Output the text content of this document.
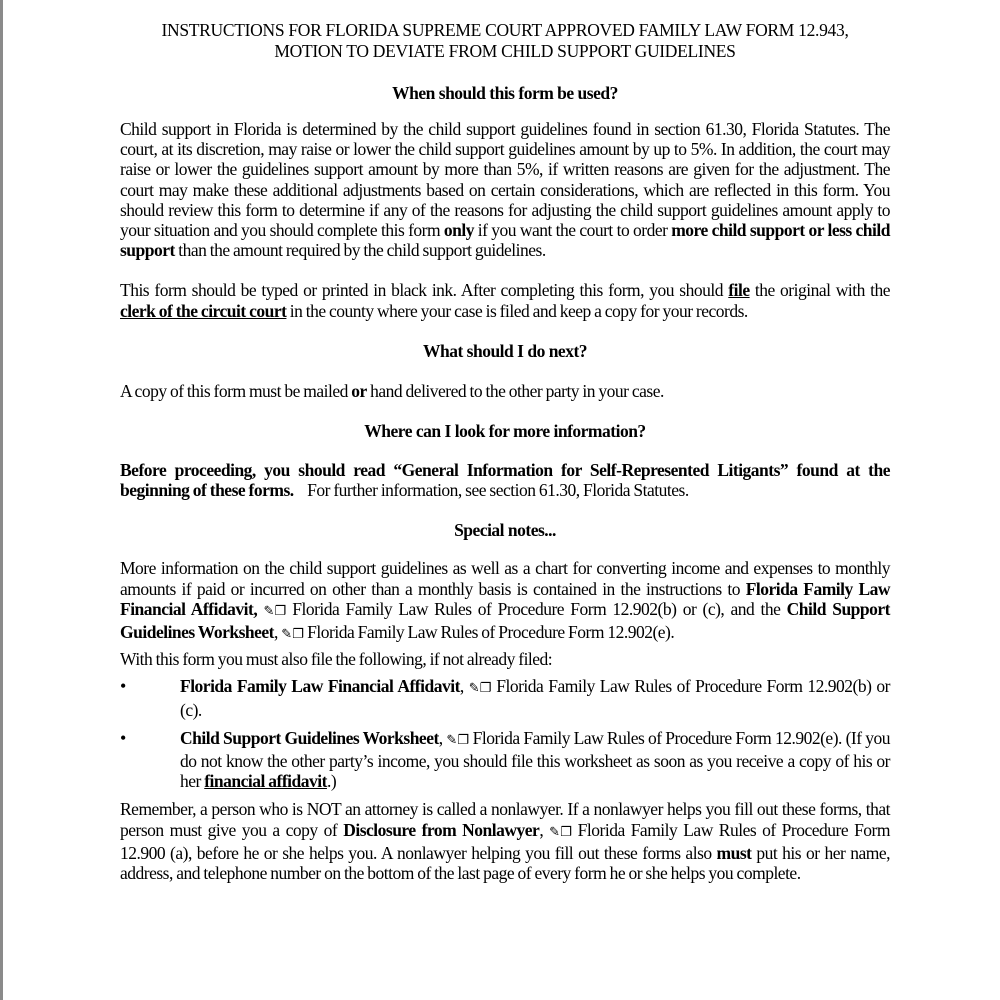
INSTRUCTIONS FOR FLORIDA SUPREME COURT APPROVED FAMILY LAW FORM 12.943,
MOTION TO DEVIATE FROM CHILD SUPPORT GUIDELINES
When should this form be used?

Child support in Florida is determined by the child support guidelines found in section 61.30, Florida Statutes. The court, at its discretion, may raise or lower the child support guidelines amount by up to 5%. In addition, the court may raise or lower the guidelines support amount by more than 5%, if written reasons are given for the adjustment. The court may make these additional adjustments based on certain considerations, which are reflected in this form. You should review this form to determine if any of the reasons for adjusting the child support guidelines amount apply to your situation and you should complete this form only if you want the court to order more child support or less child support than the amount required by the child support guidelines.

This form should be typed or printed in black ink. After completing this form, you should file the original with the clerk of the circuit court in the county where your case is filed and keep a copy for your records.

What should I do next?

A copy of this form must be mailed or hand delivered to the other party in your case.

Where can I look for more information?

Before proceeding, you should read “General Information for Self-Represented Litigants” found at the beginning of these forms.    For further information, see section 61.30, Florida Statutes.

Special notes...

More information on the child support guidelines as well as a chart for converting income and expenses to monthly amounts if paid or incurred on other than a monthly basis is contained in the instructions to Florida Family Law Financial Affidavit, ✎❐ Florida Family Law Rules of Procedure Form 12.902(b) or (c), and the Child Support Guidelines Worksheet, ✎❐ Florida Family Law Rules of Procedure Form 12.902(e).

With this form you must also file the following, if not already filed:

•	Florida Family Law Financial Affidavit, ✎❐ Florida Family Law Rules of Procedure Form 12.902(b) or (c).

•	Child Support Guidelines Worksheet, ✎❐ Florida Family Law Rules of Procedure Form 12.902(e). (If you do not know the other party’s income, you should file this worksheet as soon as you receive a copy of his or her financial affidavit.)

Remember, a person who is NOT an attorney is called a nonlawyer. If a nonlawyer helps you fill out these forms, that person must give you a copy of Disclosure from Nonlawyer, ✎❐ Florida Family Law Rules of Procedure Form 12.900 (a), before he or she helps you. A nonlawyer helping you fill out these forms also must put his or her name, address, and telephone number on the bottom of the last page of every form he or she helps you complete.
